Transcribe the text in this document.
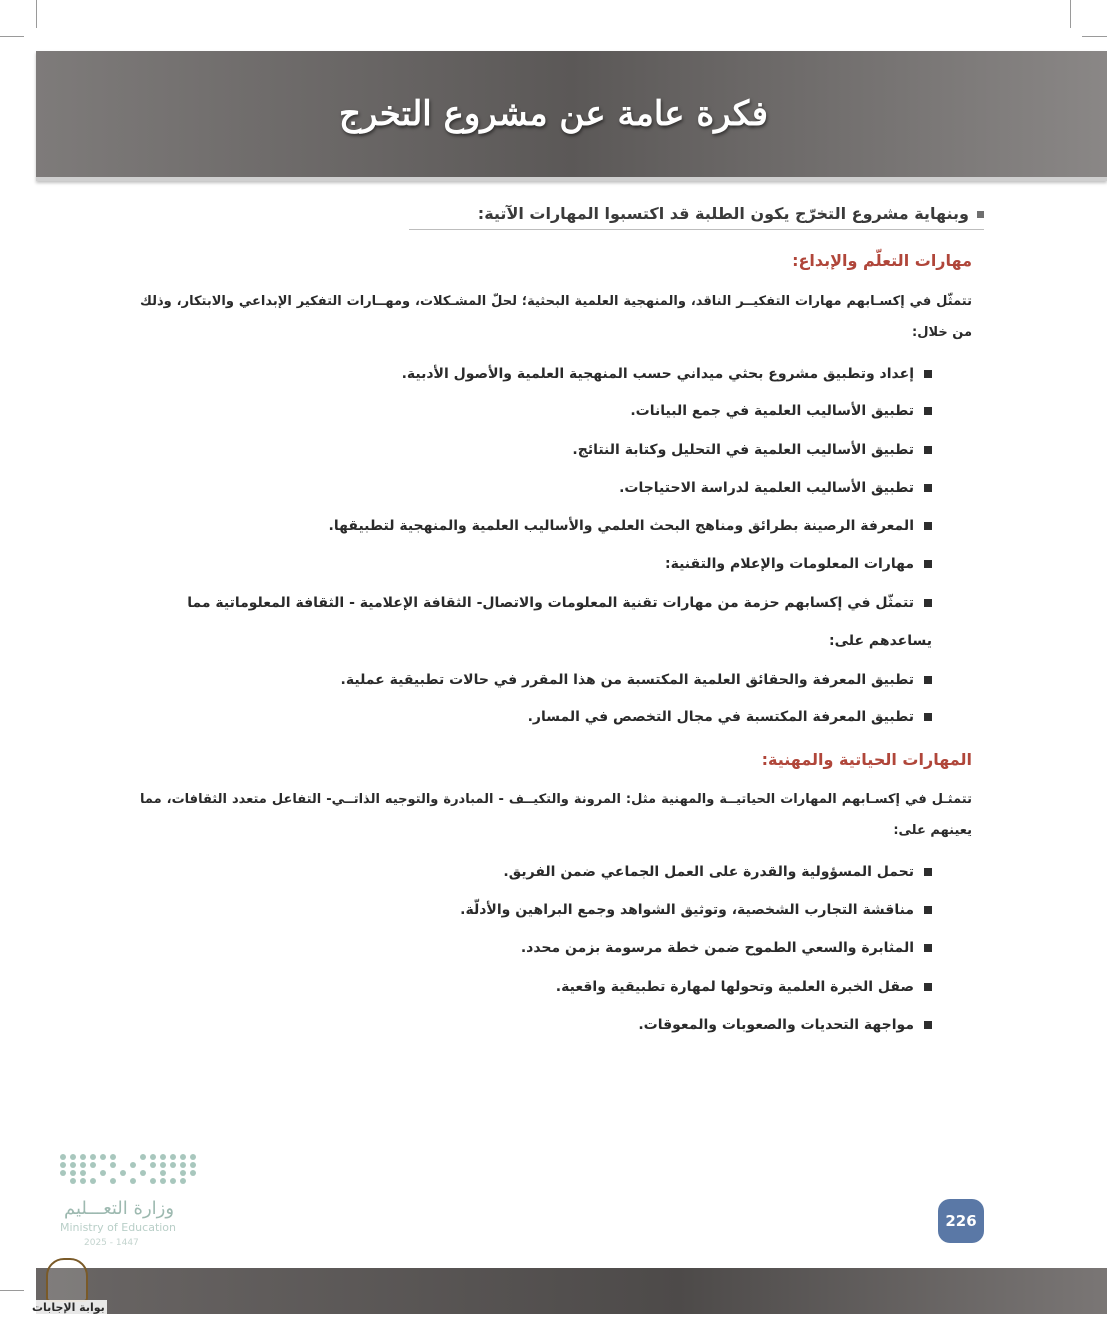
فكرة عامة عن مشروع التخرج
وبنهاية مشروع التخرّج يكون الطلبة قد اكتسبوا المهارات الآتية:
مهارات التعلّم والإبداع:
تتمثّل في إكسـابهم مهارات التفكيــر الناقد، والمنهجية العلمية البحثية؛ لحلّ المشـكلات، ومهــارات التفكير الإبداعي والابتكار، وذلك من خلال:
إعداد وتطبيق مشروع بحثي ميداني حسب المنهجية العلمية والأصول الأدبية.
تطبيق الأساليب العلمية في جمع البيانات.
تطبيق الأساليب العلمية في التحليل وكتابة النتائج.
تطبيق الأساليب العلمية لدراسة الاحتياجات.
المعرفة الرصينة بطرائق ومناهج البحث العلمي والأساليب العلمية والمنهجية لتطبيقها.
مهارات المعلومات والإعلام والتقنية:
تتمثّل في إكسابهم حزمة من مهارات تقنية المعلومات والاتصال- الثقافة الإعلامية - الثقافة المعلوماتية مما يساعدهم على:
تطبيق المعرفة والحقائق العلمية المكتسبة من هذا المقرر في حالات تطبيقية عملية.
تطبيق المعرفة المكتسبة في مجال التخصص في المسار.
المهارات الحياتية والمهنية:
تتمثـل في إكسـابهم المهارات الحياتيــة والمهنية مثل: المرونة والتكيــف - المبادرة والتوجيه الذاتــي- التفاعل متعدد الثقافات، مما يعينهم على:
تحمل المسؤولية والقدرة على العمل الجماعي ضمن الفريق.
مناقشة التجارب الشخصية، وتوثيق الشواهد وجمع البراهين والأدلّة.
المثابرة والسعي الطموح ضمن خطة مرسومة بزمن محدد.
صقل الخبرة العلمية وتحولها لمهارة تطبيقية واقعية.
مواجهة التحديات والصعوبات والمعوقات.
وزارة التعـــليم
Ministry of Education
2025 - 1447
226
بوابة الإجابات
